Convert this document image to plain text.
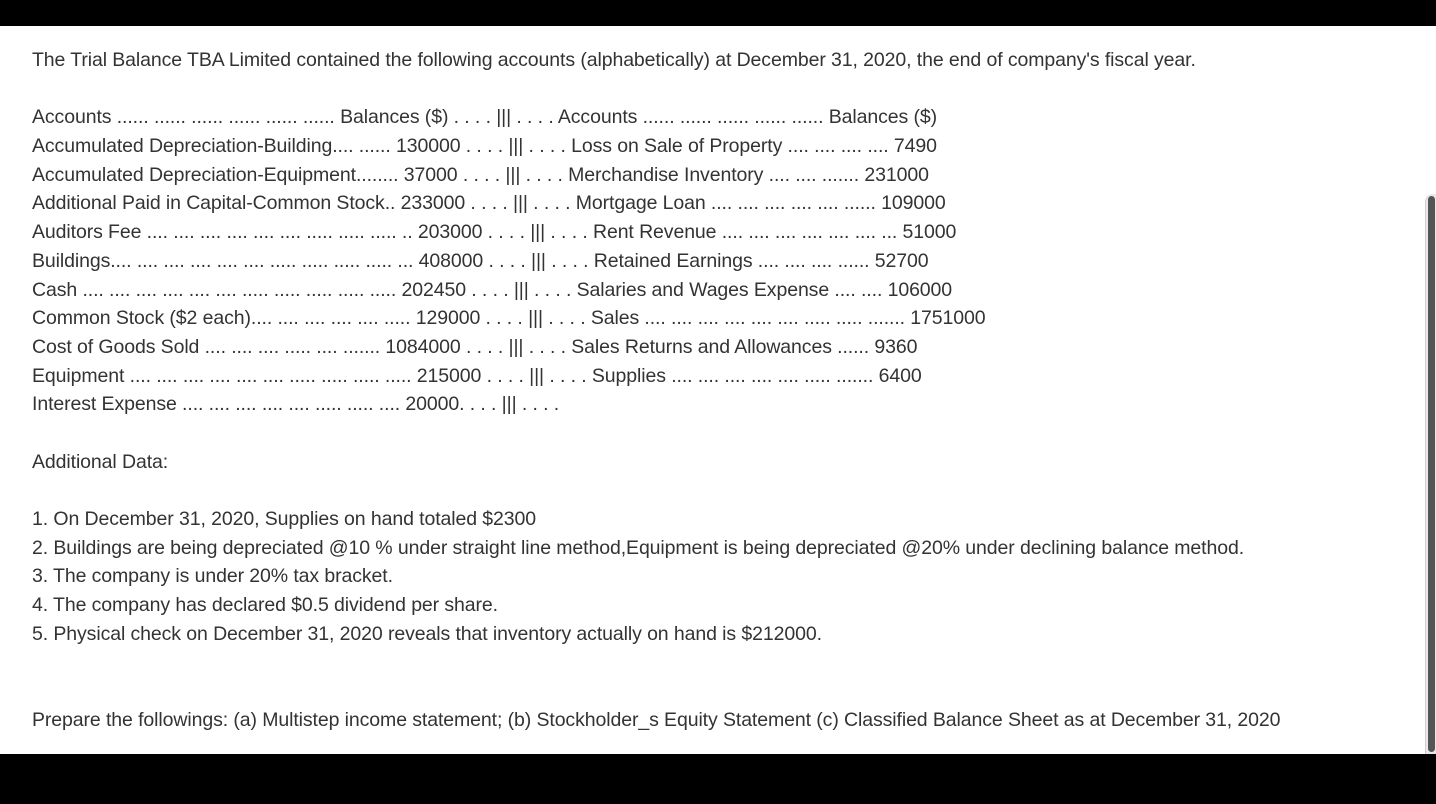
The Trial Balance TBA Limited contained the following accounts (alphabetically) at December 31, 2020, the end of company's fiscal year.
Accounts ...... ...... ...... ...... ...... ...... Balances ($) . . . . ||| . . . . Accounts ...... ...... ...... ...... ...... Balances ($)
Accumulated Depreciation-Building.... ...... 130000 . . . . ||| . . . . Loss on Sale of Property .... .... .... .... 7490
Accumulated Depreciation-Equipment........ 37000 . . . . ||| . . . . Merchandise Inventory .... .... ....... 231000
Additional Paid in Capital-Common Stock.. 233000 . . . . ||| . . . . Mortgage Loan .... .... .... .... .... ...... 109000
Auditors Fee .... .... .... .... .... .... ..... ..... ..... .. 203000 . . . . ||| . . . . Rent Revenue .... .... .... .... .... .... ... 51000
Buildings.... .... .... .... .... .... ..... ..... ..... ..... ... 408000 . . . . ||| . . . . Retained Earnings .... .... .... ...... 52700
Cash .... .... .... .... .... .... ..... ..... ..... ..... ..... 202450 . . . . ||| . . . . Salaries and Wages Expense .... .... 106000
Common Stock ($2 each).... .... .... .... .... ..... 129000 . . . . ||| . . . . Sales .... .... .... .... .... .... ..... ..... ....... 1751000
Cost of Goods Sold .... .... .... ..... .... ....... 1084000 . . . . ||| . . . . Sales Returns and Allowances ...... 9360
Equipment .... .... .... .... .... .... ..... ..... ..... ..... 215000 . . . . ||| . . . . Supplies .... .... .... .... .... ..... ....... 6400
Interest Expense .... .... .... .... .... ..... ..... .... 20000. . . . ||| . . . .
Additional Data:
1. On December 31, 2020, Supplies on hand totaled $2300
2. Buildings are being depreciated @10 % under straight line method,Equipment is being depreciated @20% under declining balance method.
3. The company is under 20% tax bracket.
4. The company has declared $0.5 dividend per share.
5. Physical check on December 31, 2020 reveals that inventory actually on hand is $212000.
Prepare the followings: (a) Multistep income statement; (b) Stockholder_s Equity Statement (c) Classified Balance Sheet as at December 31, 2020
